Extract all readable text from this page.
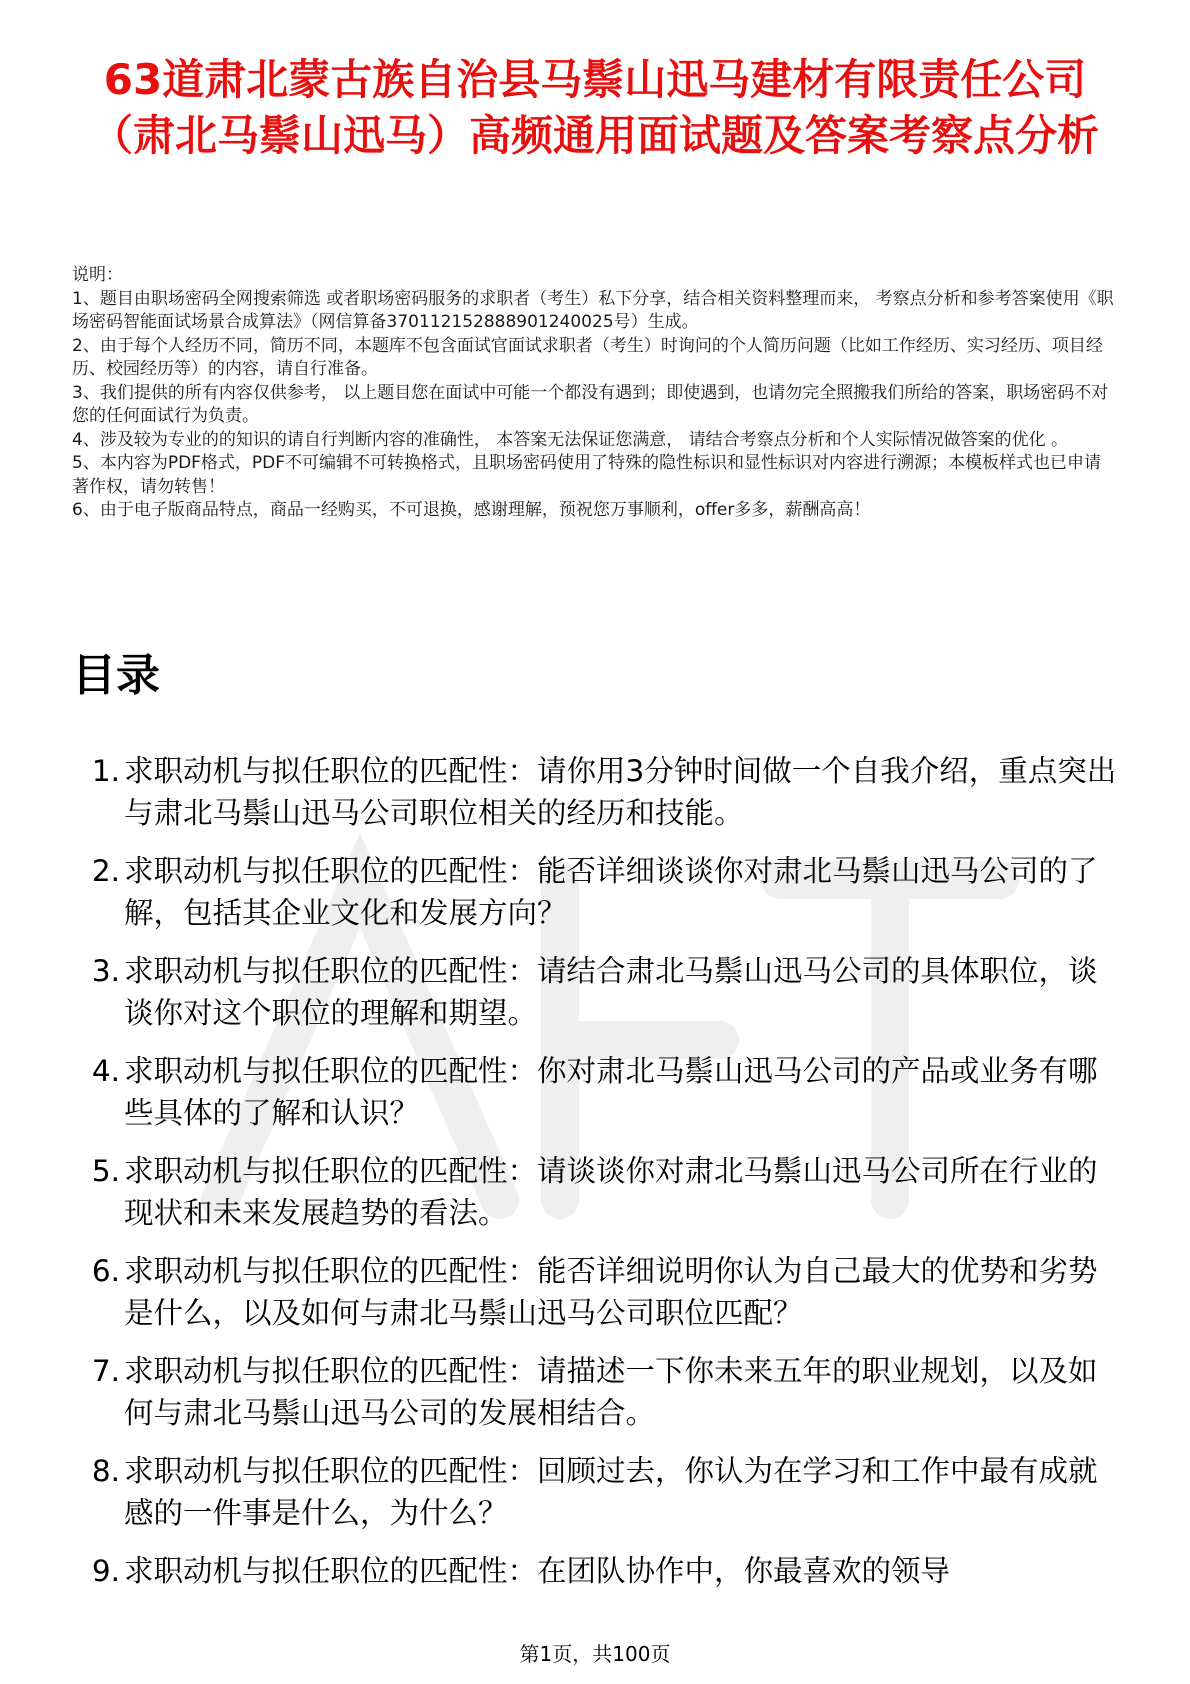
63道肃北蒙古族自治县马鬃山迅马建材有限责任公司（肃北马鬃山迅马）高频通用面试题及答案考察点分析

说明：

1、题目由职场密码全网搜索筛选 或者职场密码服务的求职者（考生）私下分享，结合相关资料整理而来， 考察点分析和参考答案使用《职场密码智能面试场景合成算法》（网信算备370112152888901240025号）生成。

2、由于每个人经历不同，简历不同，本题库不包含面试官面试求职者（考生）时询问的个人简历问题（比如工作经历、实习经历、项目经历、校园经历等）的内容，请自行准备。

3、我们提供的所有内容仅供参考， 以上题目您在面试中可能一个都没有遇到；即使遇到，也请勿完全照搬我们所给的答案，职场密码不对您的任何面试行为负责。

4、涉及较为专业的的知识的请自行判断内容的准确性， 本答案无法保证您满意， 请结合考察点分析和个人实际情况做答案的优化 。

5、本内容为PDF格式，PDF不可编辑不可转换格式，且职场密码使用了特殊的隐性标识和显性标识对内容进行溯源；本模板样式也已申请著作权，请勿转售！

6、由于电子版商品特点，商品一经购买，不可退换，感谢理解，预祝您万事顺利，offer多多，薪酬高高！

目录
1. 求职动机与拟任职位的匹配性：请你用3分钟时间做一个自我介绍，重点突出与肃北马鬃山迅马公司职位相关的经历和技能。
2. 求职动机与拟任职位的匹配性：能否详细谈谈你对肃北马鬃山迅马公司的了解，包括其企业文化和发展方向？
3. 求职动机与拟任职位的匹配性：请结合肃北马鬃山迅马公司的具体职位，谈谈你对这个职位的理解和期望。
4. 求职动机与拟任职位的匹配性：你对肃北马鬃山迅马公司的产品或业务有哪些具体的了解和认识？
5. 求职动机与拟任职位的匹配性：请谈谈你对肃北马鬃山迅马公司所在行业的现状和未来发展趋势的看法。
6. 求职动机与拟任职位的匹配性：能否详细说明你认为自己最大的优势和劣势是什么，以及如何与肃北马鬃山迅马公司职位匹配？
7. 求职动机与拟任职位的匹配性：请描述一下你未来五年的职业规划，以及如何与肃北马鬃山迅马公司的发展相结合。
8. 求职动机与拟任职位的匹配性：回顾过去，你认为在学习和工作中最有成就感的一件事是什么，为什么？
9. 求职动机与拟任职位的匹配性：在团队协作中，你最喜欢的领导
第1页，共100页
